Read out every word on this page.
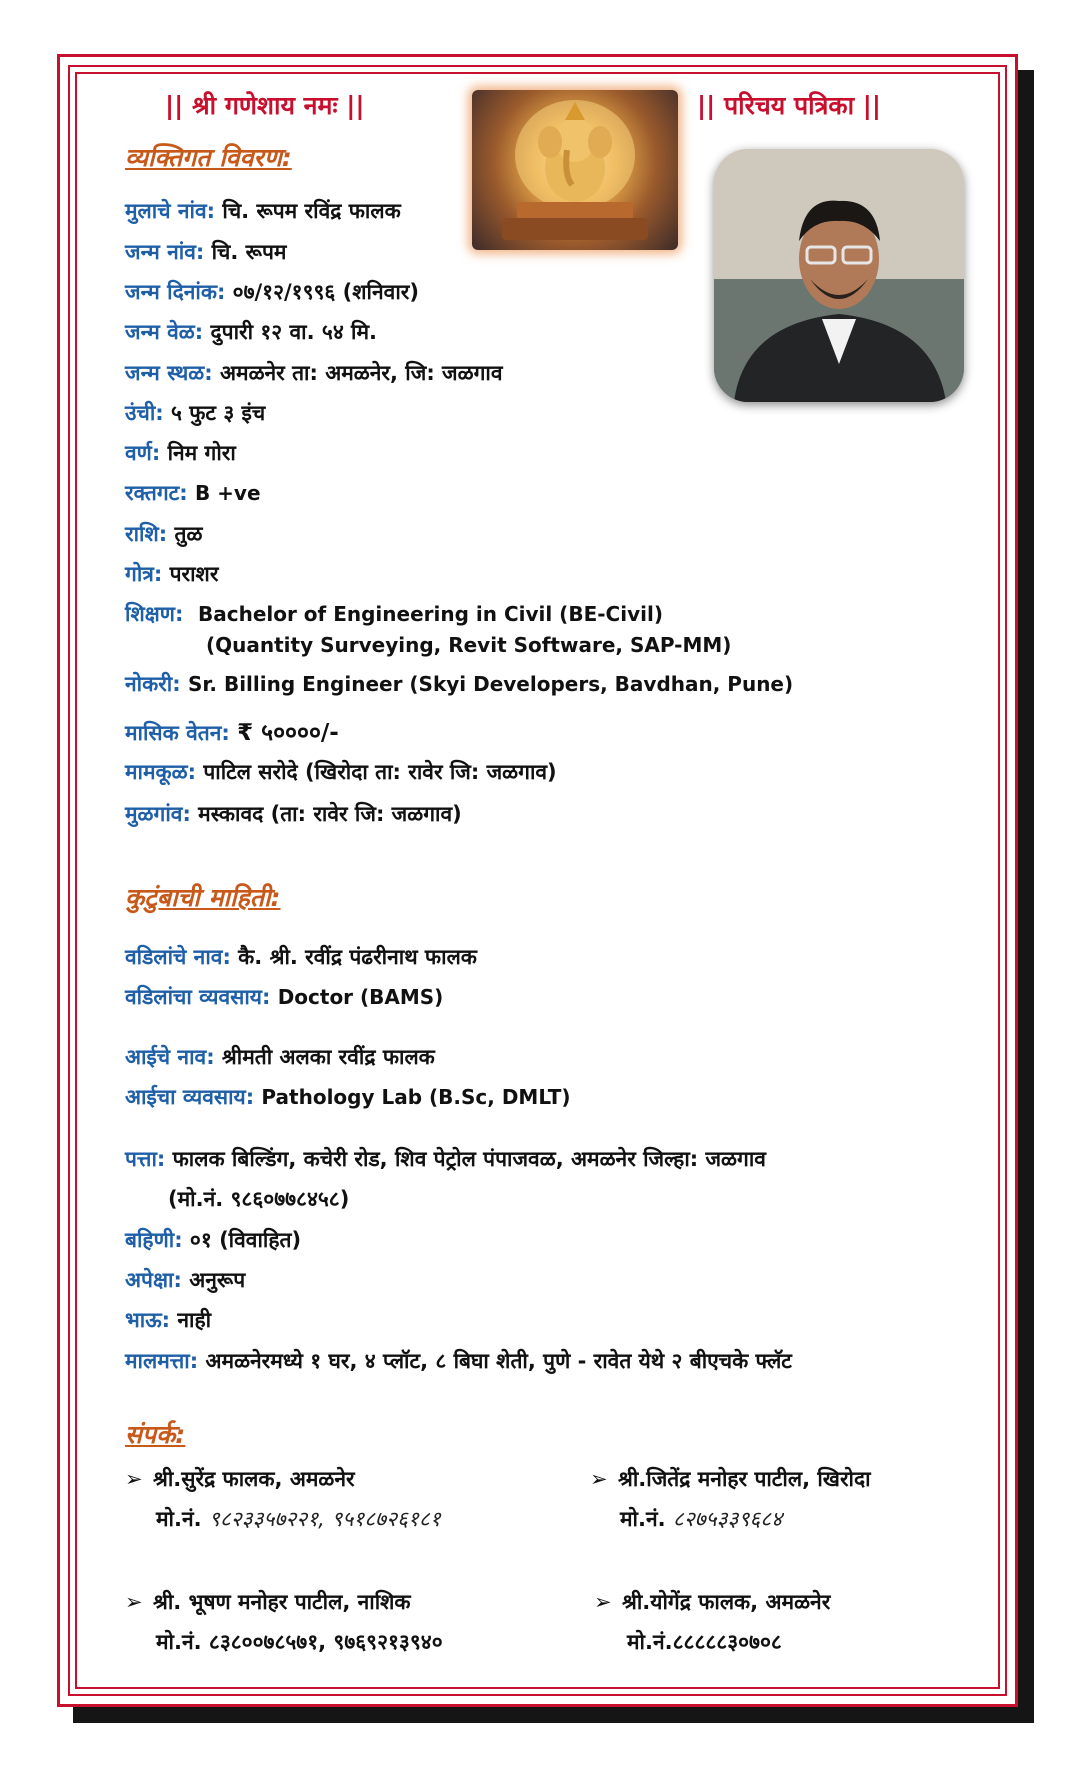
|| श्री गणेशाय नमः ||	|| परिचय पत्रिका ||
व्यक्तिगत विवरण:
मुलाचे नांव: चि. रूपम रविंद्र फालक
जन्म नांव: चि. रूपम
जन्म दिनांक: ०७/१२/१९९६ (शनिवार)
जन्म वेळ: दुपारी १२ वा. ५४ मि.
जन्म स्थळ: अमळनेर ता: अमळनेर, जि: जळगाव
उंची: ५ फुट ३ इंच
वर्ण: निम गोरा
रक्तगट: B +ve
राशि: तुळ
गोत्र: पराशर
शिक्षण: Bachelor of Engineering in Civil (BE-Civil)
(Quantity Surveying, Revit Software, SAP-MM)
नोकरी: Sr. Billing Engineer (Skyi Developers, Bavdhan, Pune)
मासिक वेतन: ₹ ५००००/-
मामकूळ: पाटिल सरोदे (खिरोदा ता: रावेर जि: जळगाव)
मुळगांव: मस्कावद (ता: रावेर जि: जळगाव)
कुटुंबाची माहिती:
वडिलांचे नाव: कै. श्री. रवींद्र पंढरीनाथ फालक
वडिलांचा व्यवसाय: Doctor (BAMS)
आईचे नाव: श्रीमती अलका रवींद्र फालक
आईचा व्यवसाय: Pathology Lab (B.Sc, DMLT)
पत्ता: फालक बिल्डिंग, कचेरी रोड, शिव पेट्रोल पंपाजवळ, अमळनेर जिल्हा: जळगाव
(मो.नं. ९८६०७७८४५८)
बहिणी: ०१ (विवाहित)
अपेक्षा: अनुरूप
भाऊ: नाही
मालमत्ता: अमळनेरमध्ये १ घर, ४ प्लॉट, ८ बिघा शेती, पुणे - रावेत येथे २ बीएचके फ्लॅट
संपर्क:
➢ श्री.सुरेंद्र फालक, अमळनेर
मो.नं. ९८२३३५७२२१, ९५१८७२६१८१
➢ श्री.जितेंद्र मनोहर पाटील, खिरोदा
मो.नं. ८२७५३३९६८४
➢ श्री. भूषण मनोहर पाटील, नाशिक
मो.नं. ८३८००७८५७१, ९७६९२१३९४०
➢ श्री.योगेंद्र फालक, अमळनेर
मो.नं.८८८८८३०७०८
